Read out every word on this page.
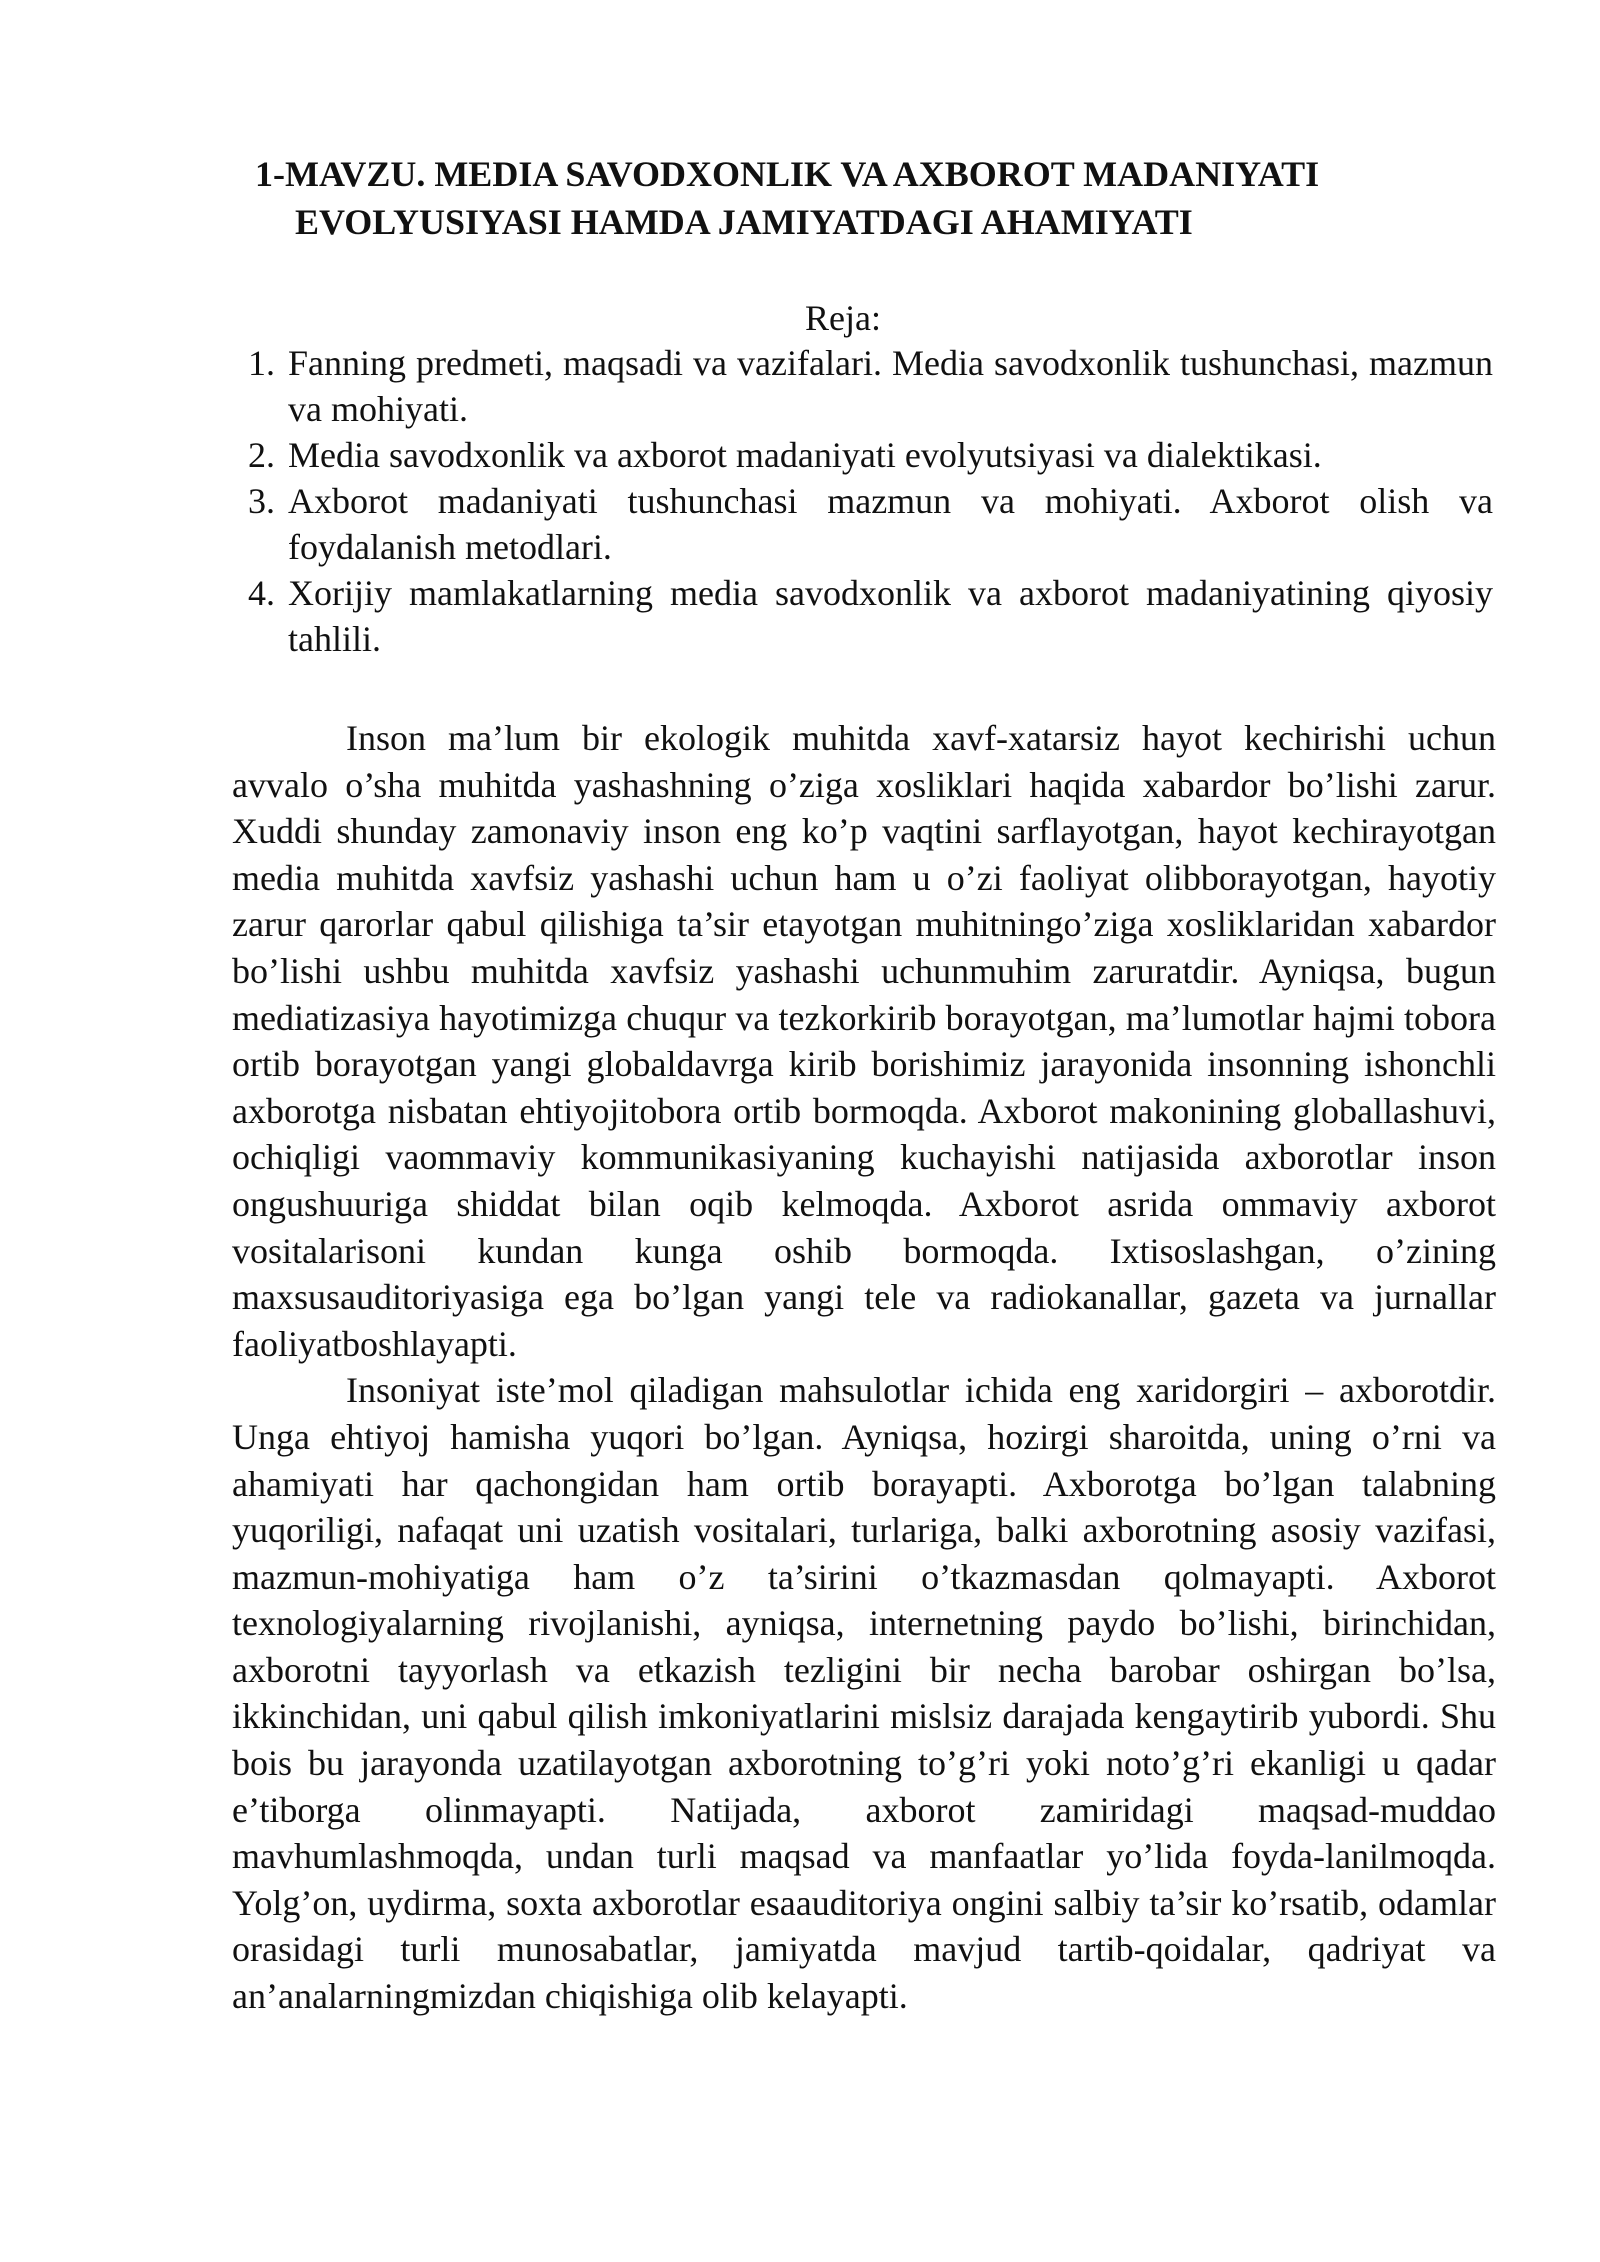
1-MAVZU. MEDIA SAVODXONLIK VA AXBOROT MADANIYATI
EVOLYUSIYASI HAMDA JAMIYATDAGI AHAMIYATI
Reja:
1. Fanning predmeti, maqsadi va vazifalari. Media savodxonlik tushunchasi, mazmun va mohiyati.
2. Media savodxonlik va axborot madaniyati evolyutsiyasi va dialektikasi.
3. Axborot madaniyati tushunchasi mazmun va mohiyati. Axborot olish va foydalanish metodlari.
4. Xorijiy mamlakatlarning media savodxonlik va axborot madaniyatining qiyosiy tahlili.

Inson ma’lum bir ekologik muhitda xavf-xatarsiz hayot kechirishi uchun avvalo o’sha muhitda yashashning o’ziga xosliklari haqida xabardor bo’lishi zarur. Xuddi shunday zamonaviy inson eng ko’p vaqtini sarflayotgan, hayot kechirayotgan media muhitda xavfsiz yashashi uchun ham u o’zi faoliyat olibborayotgan, hayotiy zarur qarorlar qabul qilishiga ta’sir etayotgan muhitningo’ziga xosliklaridan xabardor bo’lishi ushbu muhitda xavfsiz yashashi uchunmuhim zaruratdir. Ayniqsa, bugun mediatizasiya hayotimizga chuqur va tezkorkirib borayotgan, ma’lumotlar hajmi tobora ortib borayotgan yangi globaldavrga kirib borishimiz jarayonida insonning ishonchli axborotga nisbatan ehtiyojitobora ortib bormoqda. Axborot makonining globallashuvi, ochiqligi vaommaviy kommunikasiyaning kuchayishi natijasida axborotlar inson ongushuuriga shiddat bilan oqib kelmoqda. Axborot asrida ommaviy axborot vositalarisoni kundan kunga oshib bormoqda. Ixtisoslashgan, o’zining maxsusauditoriyasiga ega bo’lgan yangi tele va radiokanallar, gazeta va jurnallar faoliyatboshlayapti.

Insoniyat iste’mol qiladigan mahsulotlar ichida eng xaridorgiri – axborotdir. Unga ehtiyoj hamisha yuqori bo’lgan. Ayniqsa, hozirgi sharoitda, uning o’rni va ahamiyati har qachongidan ham ortib borayapti. Axborotga bo’lgan talabning yuqoriligi, nafaqat uni uzatish vositalari, turlariga, balki axborotning asosiy vazifasi, mazmun-mohiyatiga ham o’z ta’sirini o’tkazmasdan qolmayapti. Axborot texnologiyalarning rivojlanishi, ayniqsa, internetning paydo bo’lishi, birinchidan, axborotni tayyorlash va etkazish tezligini bir necha barobar oshirgan bo’lsa, ikkinchidan, uni qabul qilish imkoniyatlarini mislsiz darajada kengaytirib yubordi. Shu bois bu jarayonda uzatilayotgan axborotning to’g’ri yoki noto’g’ri ekanligi u qadar e’tiborga olinmayapti. Natijada, axborot zamiridagi maqsad-muddao mavhumlashmoqda, undan turli maqsad va manfaatlar yo’lida foyda-lanilmoqda. Yolg’on, uydirma, soxta axborotlar esaauditoriya ongini salbiy ta’sir ko’rsatib, odamlar orasidagi turli munosabatlar, jamiyatda mavjud tartib-qoidalar, qadriyat va an’analarningmizdan chiqishiga olib kelayapti.
